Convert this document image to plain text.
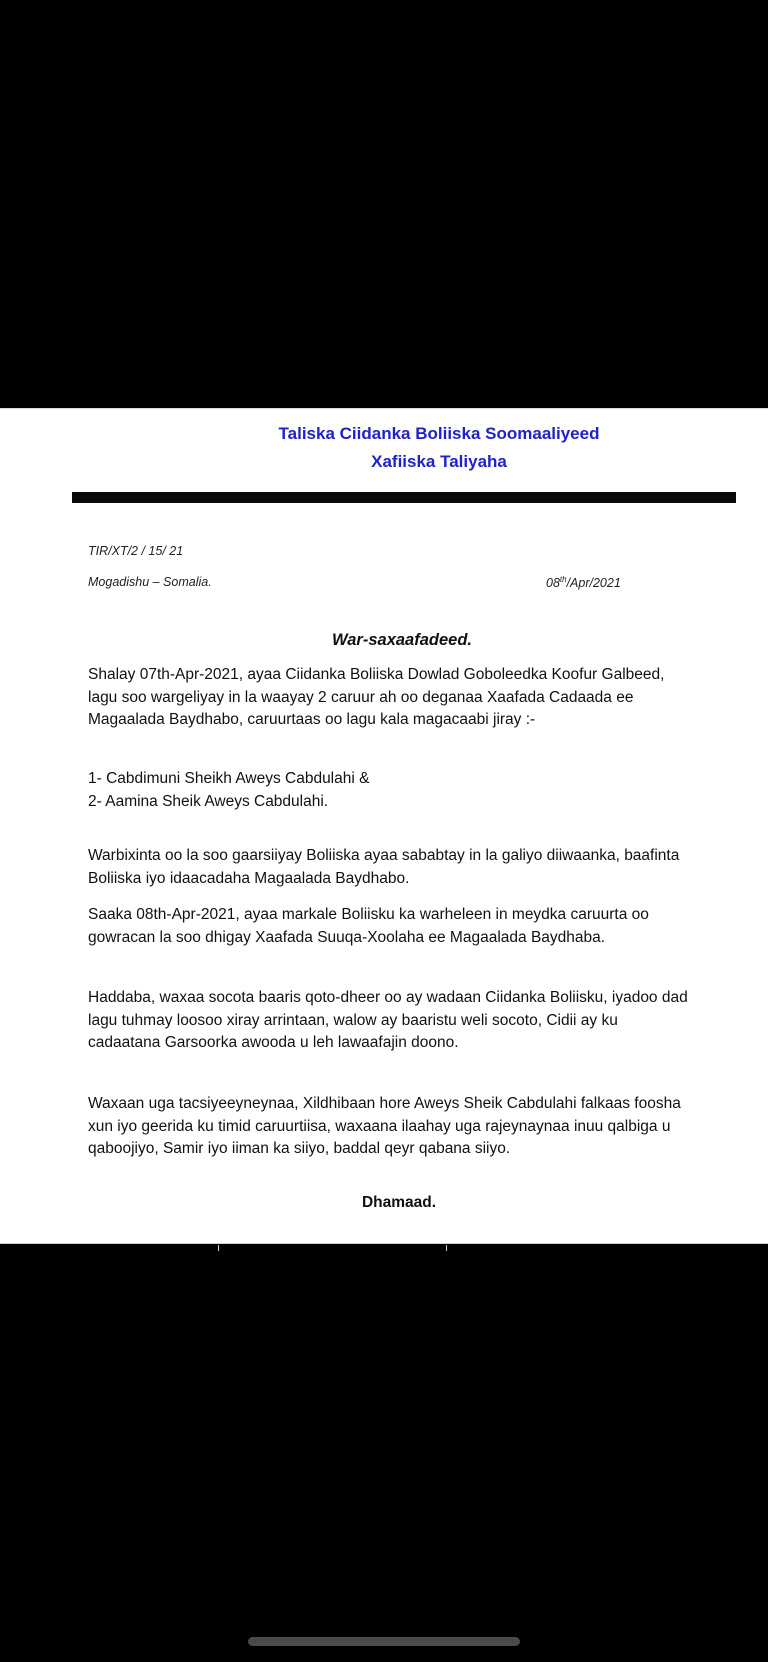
Taliska Ciidanka Boliiska Soomaaliyeed
Xafiiska Taliyaha
TIR/XT/2 / 15/ 21
Mogadishu – Somalia.	08th/Apr/2021
War-saxaafadeed.

Shalay 07th-Apr-2021, ayaa Ciidanka Boliiska Dowlad Goboleedka Koofur Galbeed, lagu soo wargeliyay in la waayay 2 caruur ah oo deganaa Xaafada Cadaada ee Magaalada Baydhabo, caruurtaas oo lagu kala magacaabi jiray :-

1- Cabdimuni Sheikh Aweys Cabdulahi &

2- Aamina Sheik Aweys Cabdulahi.

Warbixinta oo la soo gaarsiiyay Boliiska ayaa sababtay in la galiyo diiwaanka, baafinta Boliiska iyo idaacadaha Magaalada Baydhabo.

Saaka 08th-Apr-2021, ayaa markale Boliisku ka warheleen in meydka caruurta oo gowracan la soo dhigay Xaafada Suuqa-Xoolaha ee Magaalada Baydhaba.

Haddaba, waxaa socota baaris qoto-dheer oo ay wadaan Ciidanka Boliisku, iyadoo dad lagu tuhmay loosoo xiray arrintaan, walow ay baaristu weli socoto, Cidii ay ku cadaatana Garsoorka awooda u leh lawaafajin doono.

Waxaan uga tacsiyeeyneynaa, Xildhibaan hore Aweys Sheik Cabdulahi falkaas foosha xun iyo geerida ku timid caruurtiisa, waxaana ilaahay uga rajeynaynaa inuu qalbiga u qaboojiyo, Samir iyo iiman ka siiyo, baddal qeyr qabana siiyo.

Dhamaad.
